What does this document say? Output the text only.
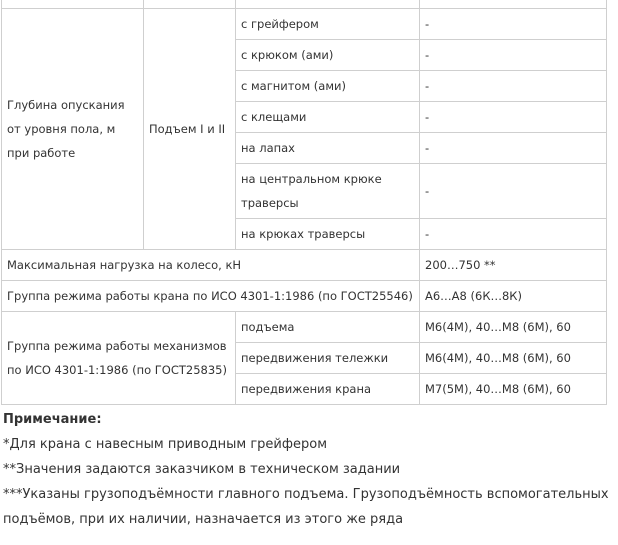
Глубина опускания от уровня пола, м при работе	Подъем I и II	с грейфером	-
		с крюком (ами)	-
		с магнитом (ами)	-
		с клещами	-
		на лапах	-
		на центральном крюке траверсы	-
		на крюках траверсы	-
Максимальная нагрузка на колесо, кН			200…750 **
Группа режима работы крана по ИСО 4301-1:1986 (по ГОСТ25546)			А6…А8 (6К…8К)
Группа режима работы механизмов по ИСО 4301-1:1986 (по ГОСТ25835)		подъема	М6(4М), 40…М8 (6М), 60
		передвижения тележки	М6(4М), 40…М8 (6М), 60
		передвижения крана	М7(5М), 40…М8 (6М), 60
Примечание:
*Для крана с навесным приводным грейфером
**Значения задаются заказчиком в техническом задании
***Указаны грузоподъёмности главного подъема. Грузоподъёмность вспомогательных подъёмов, при их наличии, назначается из этого же ряда
